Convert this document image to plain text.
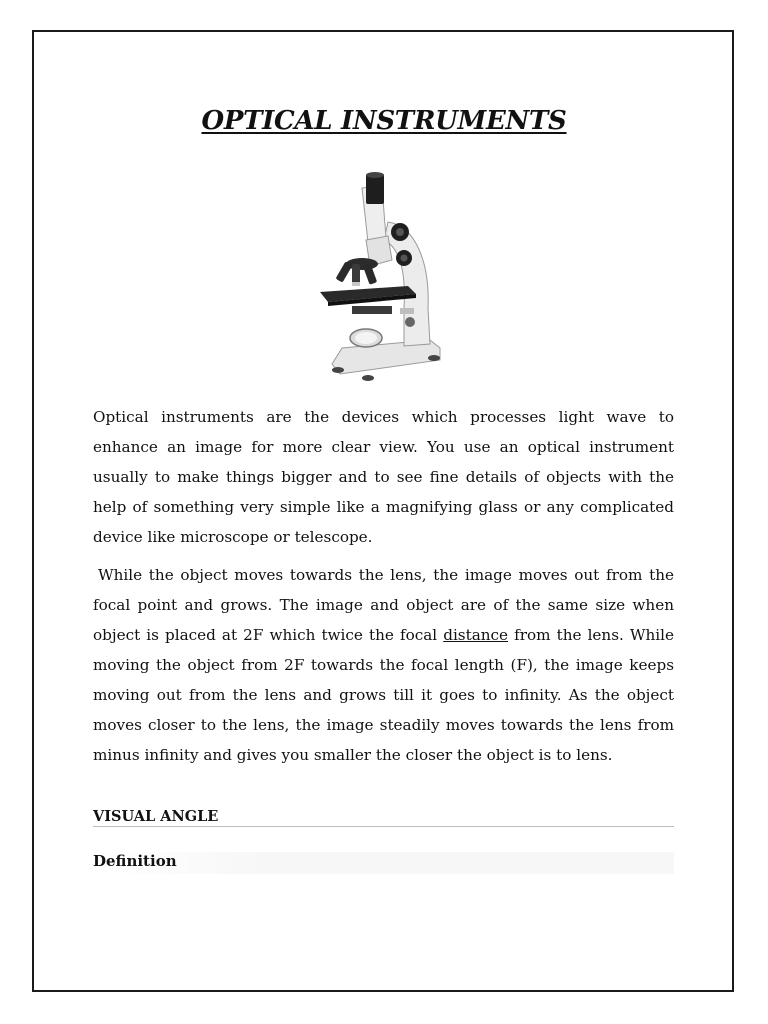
OPTICAL INSTRUMENTS

Optical instruments are the devices which processes light wave to enhance an image for more clear view. You use an optical instrument usually to make things bigger and to see fine details of objects with the help of something very simple like a magnifying glass or any complicated device like microscope or telescope.

While the object moves towards the lens, the image moves out from the focal point and grows. The image and object are of the same size when object is placed at 2F which twice the focal distance from the lens. While moving the object from 2F towards the focal length (F), the image keeps moving out from the lens and grows till it goes to infinity. As the object moves closer to the lens, the image steadily moves towards the lens from minus infinity and gives you smaller the closer the object is to lens.

VISUAL ANGLE
Definition
